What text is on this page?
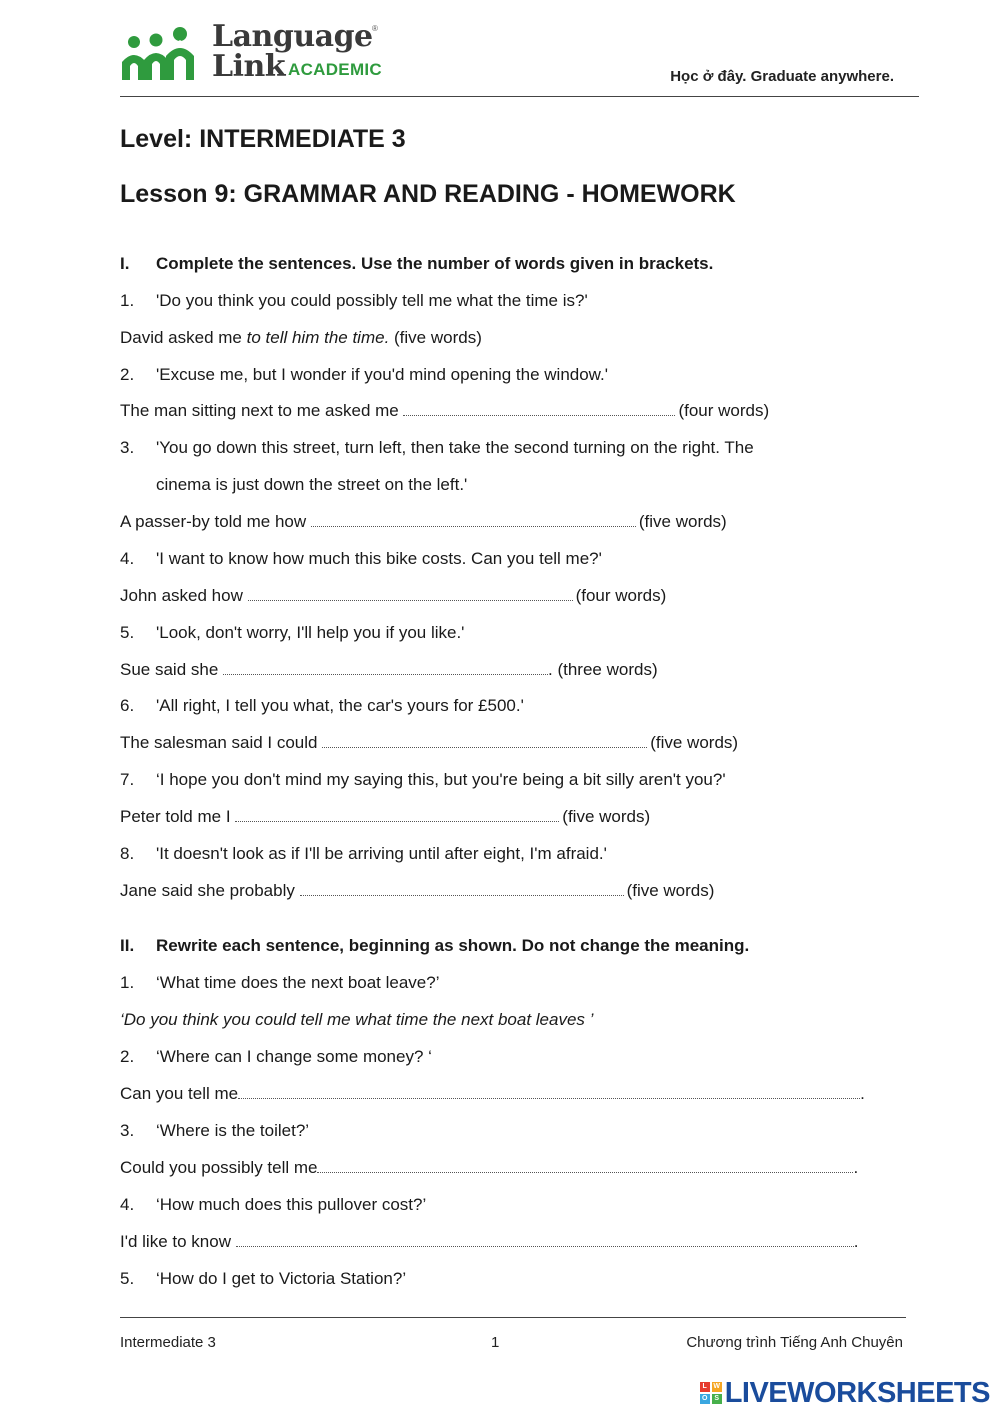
Language
Link ACADEMIC
®
Học ở đây. Graduate anywhere.
Level: INTERMEDIATE 3
Lesson 9: GRAMMAR AND READING - HOMEWORK
I. Complete the sentences. Use the number of words given in brackets.
1. 'Do you think you could possibly tell me what the time is?'
David asked me to tell him the time. (five words)
2. 'Excuse me, but I wonder if you'd mind opening the window.'
The man sitting next to me asked me	(four words)
3. 'You go down this street, turn left, then take the second turning on the right. The
cinema is just down the street on the left.'
A passer-by told me how	(five words)
4. 'I want to know how much this bike costs. Can you tell me?'
John asked how	(four words)
5. 'Look, don't worry, I'll help you if you like.'
Sue said she	. (three words)
6. 'All right, I tell you what, the car's yours for £500.'
The salesman said I could	(five words)
7. ‘I hope you don't mind my saying this, but you're being a bit silly aren't you?'
Peter told me I	(five words)
8. 'It doesn't look as if I'll be arriving until after eight, I'm afraid.'
Jane said she probably	(five words)
II. Rewrite each sentence, beginning as shown. Do not change the meaning.
1. ‘What time does the next boat leave?’
‘Do you think you could tell me what time the next boat leaves ’
2. ‘Where can I change some money? ‘
Can you tell me	.
3. ‘Where is the toilet?’
Could you possibly tell me	.
4. ‘How much does this pullover cost?’
I'd like to know	.
5. ‘How do I get to Victoria Station?’
Intermediate 3	1	Chương trình Tiếng Anh Chuyên
L W
O S LIVEWORKSHEETS
